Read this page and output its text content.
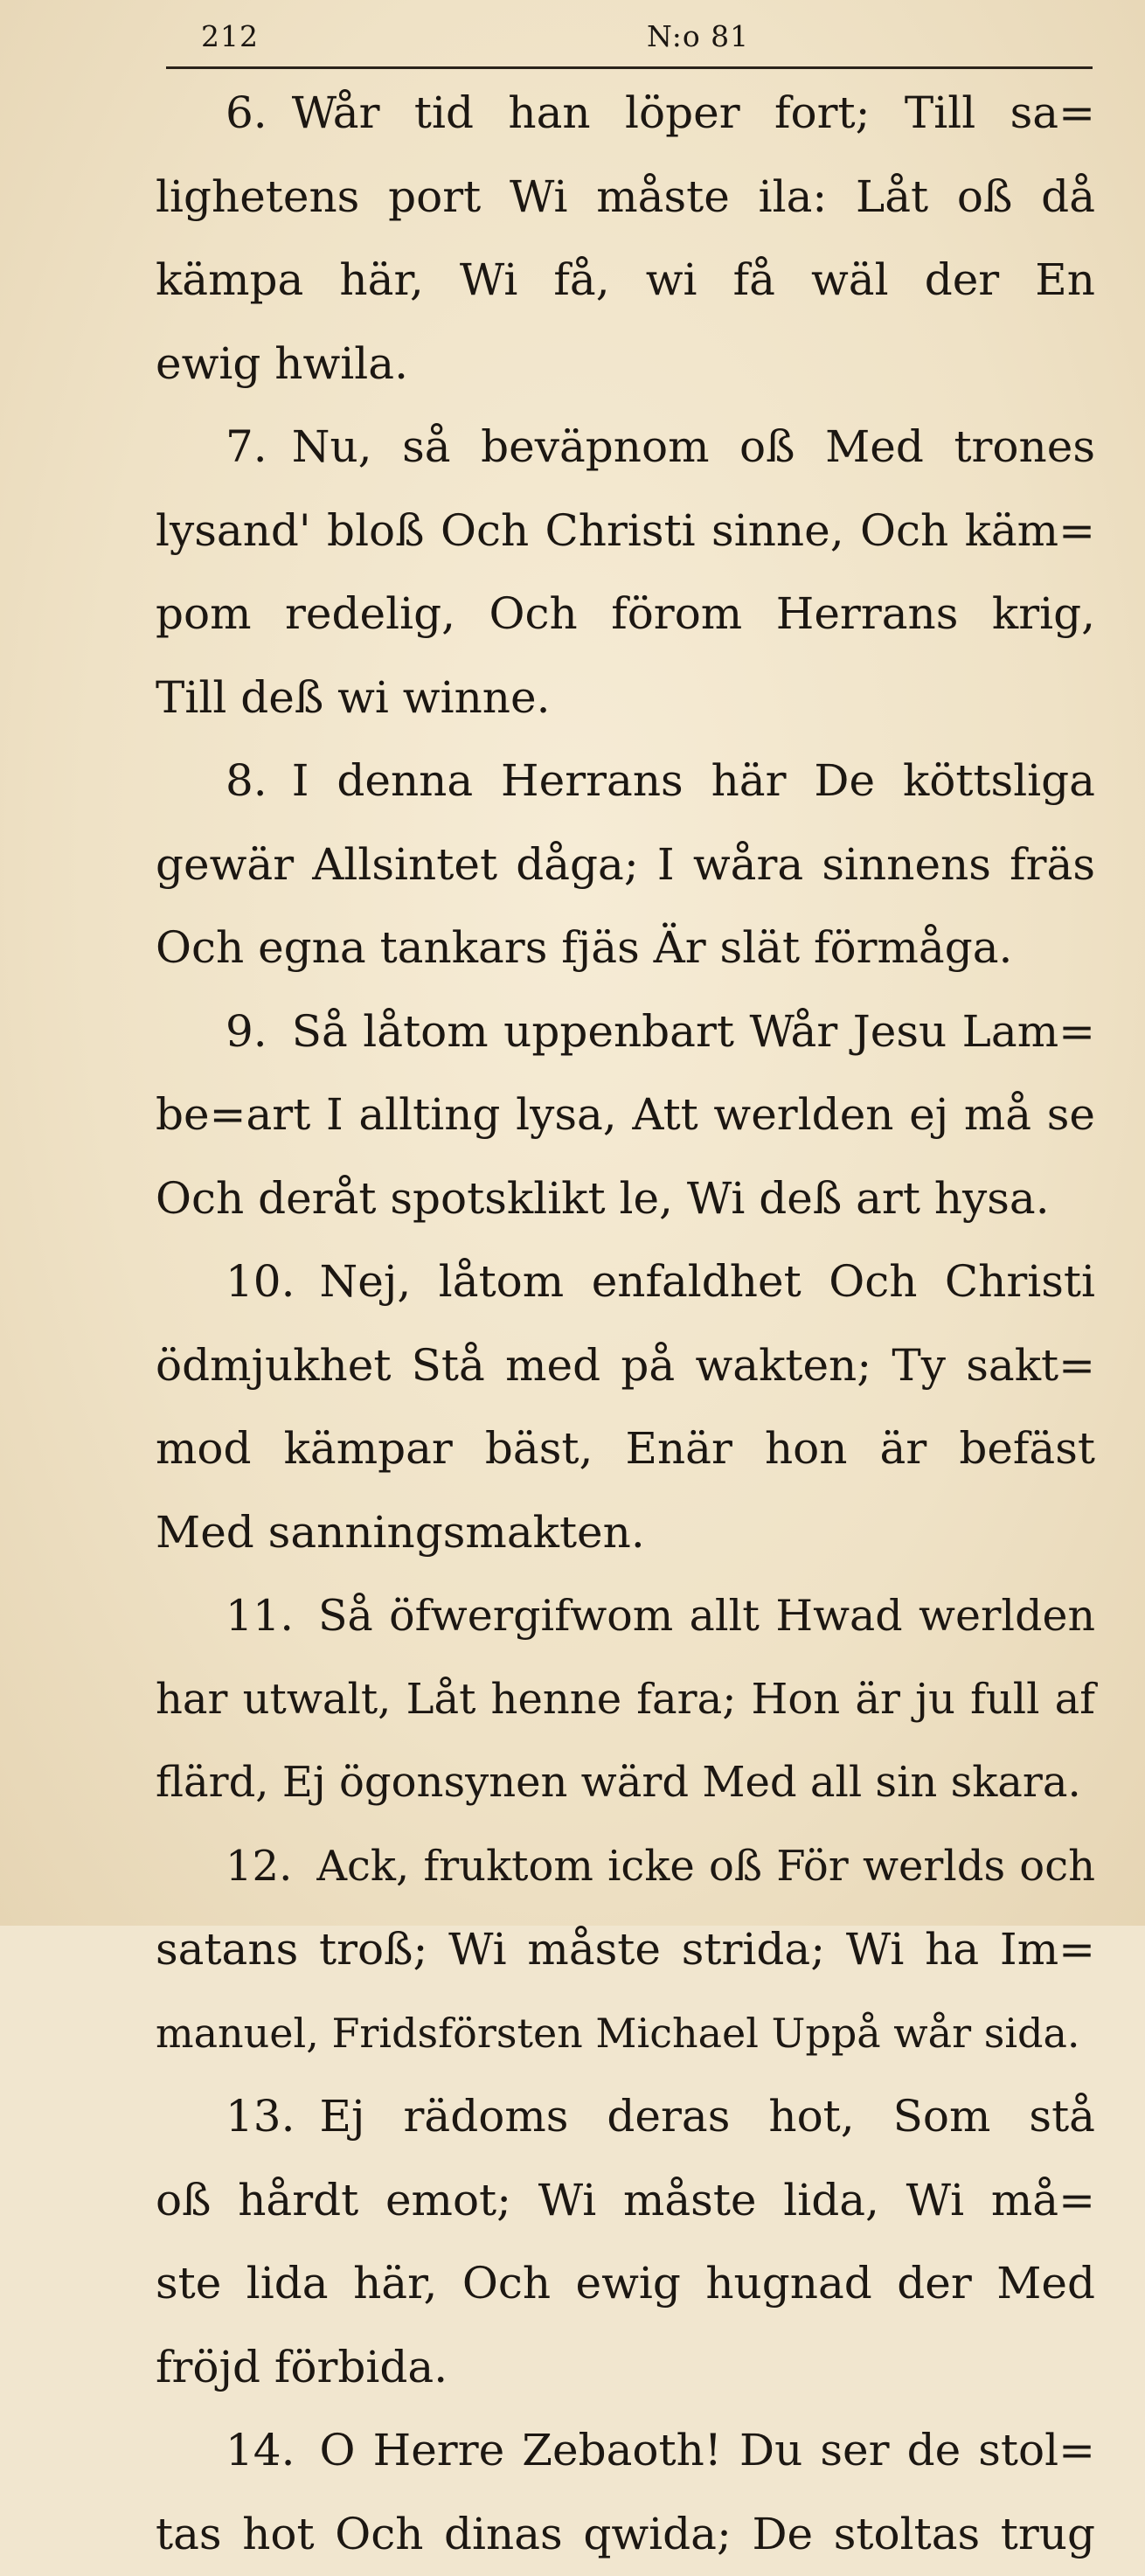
212	N:o 81
6. Wår tid han löper fort; Till sa=
lighetens port Wi måste ila: Låt oß då
kämpa här, Wi få, wi få wäl der En
ewig hwila.
7. Nu, så beväpnom oß Med trones
lysand' bloß Och Christi sinne, Och käm=
pom redelig, Och förom Herrans krig,
Till deß wi winne.
8. I denna Herrans här De köttsliga
gewär Allsintet dåga; I wåra sinnens fräs
Och egna tankars fjäs Är slät förmåga.
9. Så låtom uppenbart Wår Jesu Lam=
be=art I allting lysa, Att werlden ej må se
Och deråt spotsklikt le, Wi deß art hysa.
10. Nej, låtom enfaldhet Och Christi
ödmjukhet Stå med på wakten; Ty sakt=
mod kämpar bäst, Enär hon är befäst
Med sanningsmakten.
11. Så öfwergifwom allt Hwad werlden
har utwalt, Låt henne fara; Hon är ju full af
flärd, Ej ögonsynen wärd Med all sin skara.
12. Ack, fruktom icke oß För werlds och
satans troß; Wi måste strida; Wi ha Im=
manuel, Fridsförsten Michael Uppå wår sida.
13. Ej rädoms deras hot, Som stå
oß hårdt emot; Wi måste lida, Wi må=
ste lida här, Och ewig hugnad der Med
fröjd förbida.
14. O Herre Zebaoth! Du ser de stol=
tas hot Och dinas qwida; De stoltas trug
